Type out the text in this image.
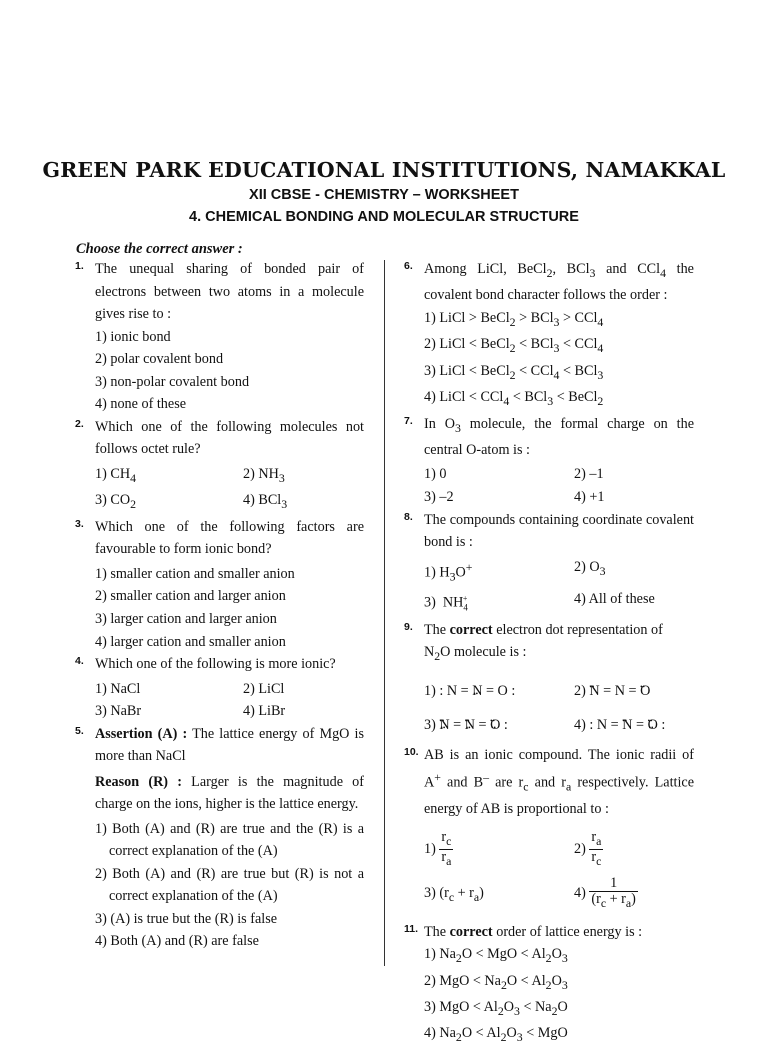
GREEN PARK EDUCATIONAL INSTITUTIONS, NAMAKKAL
XII CBSE - CHEMISTRY – WORKSHEET
4. CHEMICAL BONDING AND MOLECULAR STRUCTURE
Choose the correct answer :
1. The unequal sharing of bonded pair of electrons between two atoms in a molecule gives rise to :
1) ionic bond
2) polar covalent bond
3) non-polar covalent bond
4) none of these
2. Which one of the following molecules not follows octet rule?
1) $CH_4$	2) $NH_3$
3) $CO_2$	4) BCl$_3$
3. Which one of the following factors are favourable to form ionic bond?
1) smaller cation and smaller anion
2) smaller cation and larger anion
3) larger cation and larger anion
4) larger cation and smaller anion
4. Which one of the following is more ionic?
1) NaCl	2) LiCl
3) NaBr	4) LiBr
5. Assertion (A) : The lattice energy of MgO is more than NaCl
Reason (R) : Larger is the magnitude of charge on the ions, higher is the lattice energy.
1) Both (A) and (R) are true and the (R) is a correct explanation of the (A)
2) Both (A) and (R) are true but (R) is not a correct explanation of the (A)
3) (A) is true but the (R) is false
4) Both (A) and (R) are false
6. Among LiCl, BeCl$_2$, BCl$_3$ and CCl$_4$ the covalent bond character follows the order :
1) LiCl > BeCl$_2$ > BCl$_3$ > CCl$_4$
2) LiCl < BeCl$_2$ < BCl$_3$ < CCl$_4$
3) LiCl < BeCl$_2$ < CCl$_4$ < BCl$_3$
4) LiCl < CCl$_4$ < BCl$_3$ < BeCl$_2$
7. In $O_3$ molecule, the formal charge on the central O-atom is :
1) 0	2) –1
3) –2	4) +1
8. The compounds containing coordinate covalent bond is :
1) $H_3O^+$	2) $O_3$
3)  $NH_4^+$	4) All of these
9. The correct electron dot representation of
$N_2O$ molecule is :
1) : N = N •• = O :	2) •• N = N = •• O
3) •• N •• = •• N •• = •• O •• :	4) : N = •• N = •• O •• :
10. AB is an ionic compound. The ionic radii of A+ and B– are $r_c$ and $r_a$ respectively. Lattice energy of AB is proportional to :
$1) \frac{r_c}{r_a}$	$2) \frac{r_a}{r_c}$
3) $(r_c + r_a)$	$4) \frac{1}{(r_c + r_a)}$
11. The correct order of lattice energy is :
1) $Na_2O$ < MgO < $Al_2O_3$
2) MgO < $Na_2O < Al_2O_3$
3) MgO < $Al_2O_3 < Na_2O$
4) $Na_2O < Al_2O_3$ < MgO
